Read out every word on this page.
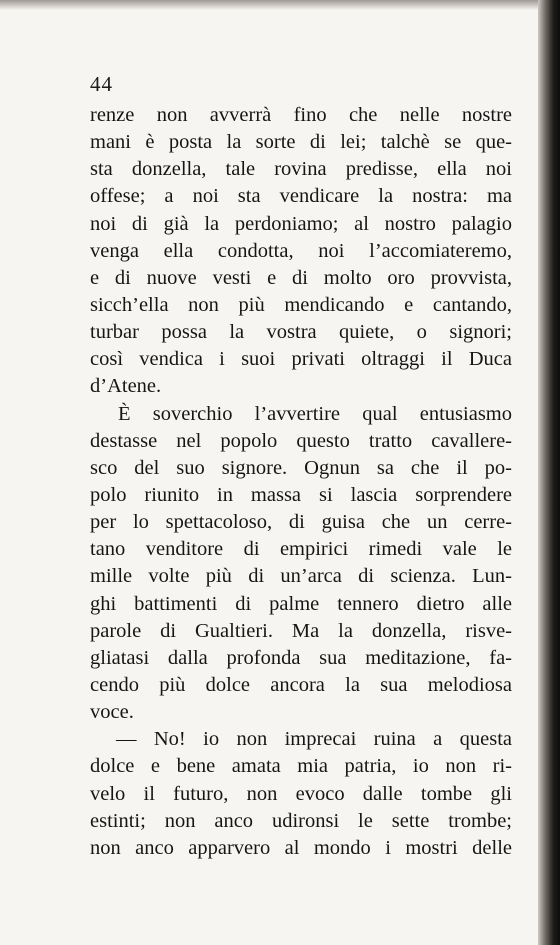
44
renze non avverrà fino che nelle nostre
mani è posta la sorte di lei; talchè se que-
sta donzella, tale rovina predisse, ella noi
offese; a noi sta vendicare la nostra: ma
noi di già la perdoniamo; al nostro palagio
venga ella condotta, noi l’accomiateremo,
e di nuove vesti e di molto oro provvista,
sicch’ella non più mendicando e cantando,
turbar possa la vostra quiete, o signori;
così vendica i suoi privati oltraggi il Duca
d’Atene.
È soverchio l’avvertire qual entusiasmo
destasse nel popolo questo tratto cavallere-
sco del suo signore. Ognun sa che il po-
polo riunito in massa si lascia sorprendere
per lo spettacoloso, di guisa che un cerre-
tano venditore di empirici rimedi vale le
mille volte più di un’arca di scienza. Lun-
ghi battimenti di palme tennero dietro alle
parole di Gualtieri. Ma la donzella, risve-
gliatasi dalla profonda sua meditazione, fa-
cendo più dolce ancora la sua melodiosa
voce.
— No! io non imprecai ruina a questa
dolce e bene amata mia patria, io non ri-
velo il futuro, non evoco dalle tombe gli
estinti; non anco udironsi le sette trombe;
non anco apparvero al mondo i mostri delle
